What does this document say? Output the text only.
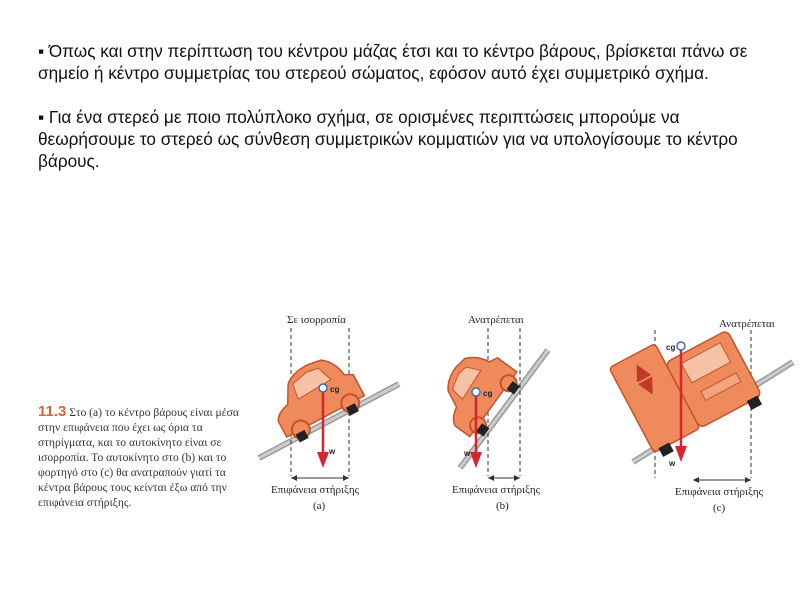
▪ Όπως και στην περίπτωση του κέντρου μάζας έτσι και το κέντρο βάρους, βρίσκεται πάνω σε σημείο ή κέντρο συμμετρίας του στερεού σώματος, εφόσον αυτό έχει συμμετρικό σχήμα.

▪ Για ένα στερεό με ποιο πολύπλοκο σχήμα, σε ορισμένες περιπτώσεις μπορούμε να θεωρήσουμε το στερεό ως σύνθεση συμμετρικών κομματιών για να υπολογίσουμε το κέντρο βάρους.

11.3 Στο (a) το κέντρο βάρους είναι μέσα στην επιφάνεια που έχει ως όρια τα στηρίγματα, και το αυτοκίνητο είναι σε ισορροπία. Το αυτοκίνητο στο (b) και το φορτηγό στο (c) θα ανατραπούν γιατί τα κέντρα βάρους τους κείνται έξω από την επιφάνεια στήριξης.
Σε ισορροπία
cg
w
Επιφάνεια στήριξης
(a)
Ανατρέπεται
cg
w
Επιφάνεια στήριξης
(b)
Ανατρέπεται
cg
w
Επιφάνεια στήριξης
(c)
